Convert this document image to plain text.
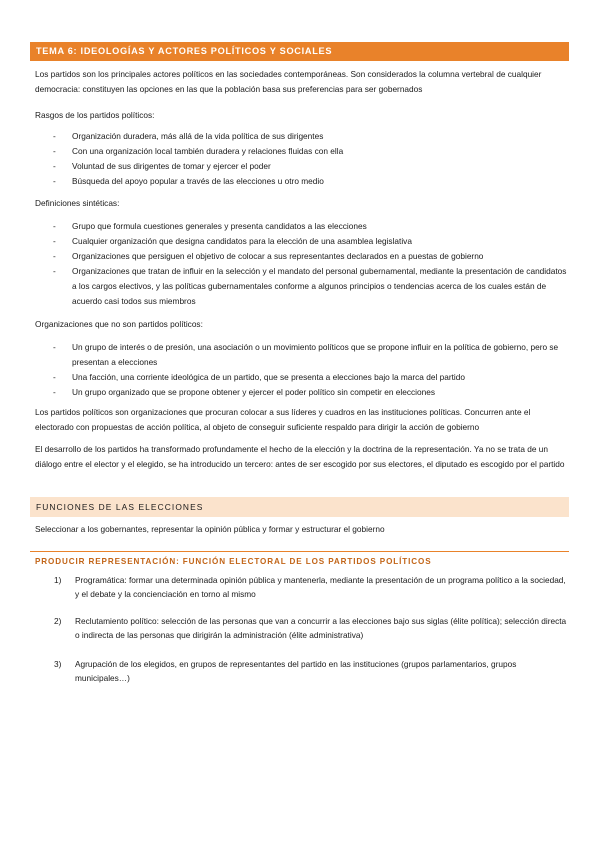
TEMA 6: IDEOLOGÍAS Y ACTORES POLÍTICOS Y SOCIALES

Los partidos son los principales actores políticos en las sociedades contemporáneas. Son considerados la columna vertebral de cualquier democracia: constituyen las opciones en las que la población basa sus preferencias para ser gobernados

Rasgos de los partidos políticos:

- Organización duradera, más allá de la vida política de sus dirigentes
- Con una organización local también duradera y relaciones fluidas con ella
- Voluntad de sus dirigentes de tomar y ejercer el poder
- Búsqueda del apoyo popular a través de las elecciones u otro medio

Definiciones sintéticas:

- Grupo que formula cuestiones generales y presenta candidatos a las elecciones
- Cualquier organización que designa candidatos para la elección de una asamblea legislativa
- Organizaciones que persiguen el objetivo de colocar a sus representantes declarados en a puestas de gobierno
- Organizaciones que tratan de influir en la selección y el mandato del personal gubernamental, mediante la presentación de candidatos a los cargos electivos, y las políticas gubernamentales conforme a algunos principios o tendencias acerca de los cuales están de acuerdo casi todos sus miembros

Organizaciones que no son partidos políticos:

- Un grupo de interés o de presión, una asociación o un movimiento políticos que se propone influir en la política de gobierno, pero se presentan a elecciones
- Una facción, una corriente ideológica de un partido, que se presenta a elecciones bajo la marca del partido
- Un grupo organizado que se propone obtener y ejercer el poder político sin competir en elecciones

Los partidos políticos son organizaciones que procuran colocar a sus líderes y cuadros en las instituciones políticas. Concurren ante el electorado con propuestas de acción política, al objeto de conseguir suficiente respaldo para dirigir la acción de gobierno

El desarrollo de los partidos ha transformado profundamente el hecho de la elección y la doctrina de la representación. Ya no se trata de un diálogo entre el elector y el elegido, se ha introducido un tercero: antes de ser escogido por sus electores, el diputado es escogido por el partido

FUNCIONES DE LAS ELECCIONES

Seleccionar a los gobernantes, representar la opinión pública y formar y estructurar el gobierno

PRODUCIR REPRESENTACIÓN: FUNCIÓN ELECTORAL DE LOS PARTIDOS POLÍTICOS
1) Programática: formar una determinada opinión pública y mantenerla, mediante la presentación de un programa político a la sociedad, y el debate y la concienciación en torno al mismo
2) Reclutamiento político: selección de las personas que van a concurrir a las elecciones bajo sus siglas (élite política); selección directa o indirecta de las personas que dirigirán la administración (élite administrativa)
3) Agrupación de los elegidos, en grupos de representantes del partido en las instituciones (grupos parlamentarios, grupos municipales…)
